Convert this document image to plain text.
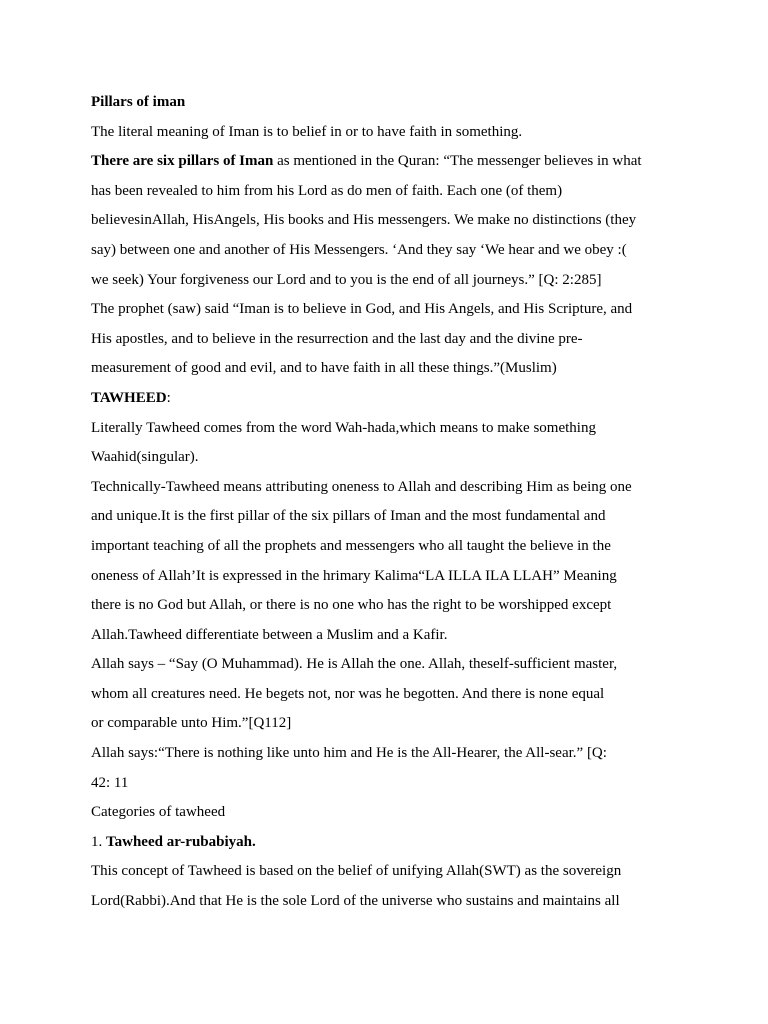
Pillars of iman
The literal meaning of Iman is to belief in or to have faith in something.
There are six pillars of Iman as mentioned in the Quran: “The messenger believes in what
has been revealed to him from his Lord as do men of faith. Each one (of them)
believesinAllah, HisAngels, His books and His messengers. We make no distinctions (they
say) between one and another of His Messengers. ‘And they say ‘We hear and we obey :(
we seek) Your forgiveness our Lord and to you is the end of all journeys.” [Q: 2:285]
The prophet (saw) said “Iman is to believe in God, and His Angels, and His Scripture, and
His apostles, and to believe in the resurrection and the last day and the divine pre-
measurement of good and evil, and to have faith in all these things.”(Muslim)
TAWHEED:
Literally Tawheed comes from the word Wah-hada,which means to make something
Waahid(singular).
Technically-Tawheed means attributing oneness to Allah and describing Him as being one
and unique.It is the first pillar of the six pillars of Iman and the most fundamental and
important teaching of all the prophets and messengers who all taught the believe in the
oneness of Allah’It is expressed in the hrimary Kalima“LA ILLA ILA LLAH” Meaning
there is no God but Allah, or there is no one who has the right to be worshipped except
Allah.Tawheed differentiate between a Muslim and a Kafir.
Allah says – “Say (O Muhammad). He is Allah the one. Allah, theself-sufficient master,
whom all creatures need. He begets not, nor was he begotten. And there is none equal
or comparable unto Him.”[Q112]
Allah says:“There is nothing like unto him and He is the All-Hearer, the All-sear.” [Q:
42: 11
Categories of tawheed
1. Tawheed ar-rubabiyah.
This concept of Tawheed is based on the belief of unifying Allah(SWT) as the sovereign
Lord(Rabbi).And that He is the sole Lord of the universe who sustains and maintains all
